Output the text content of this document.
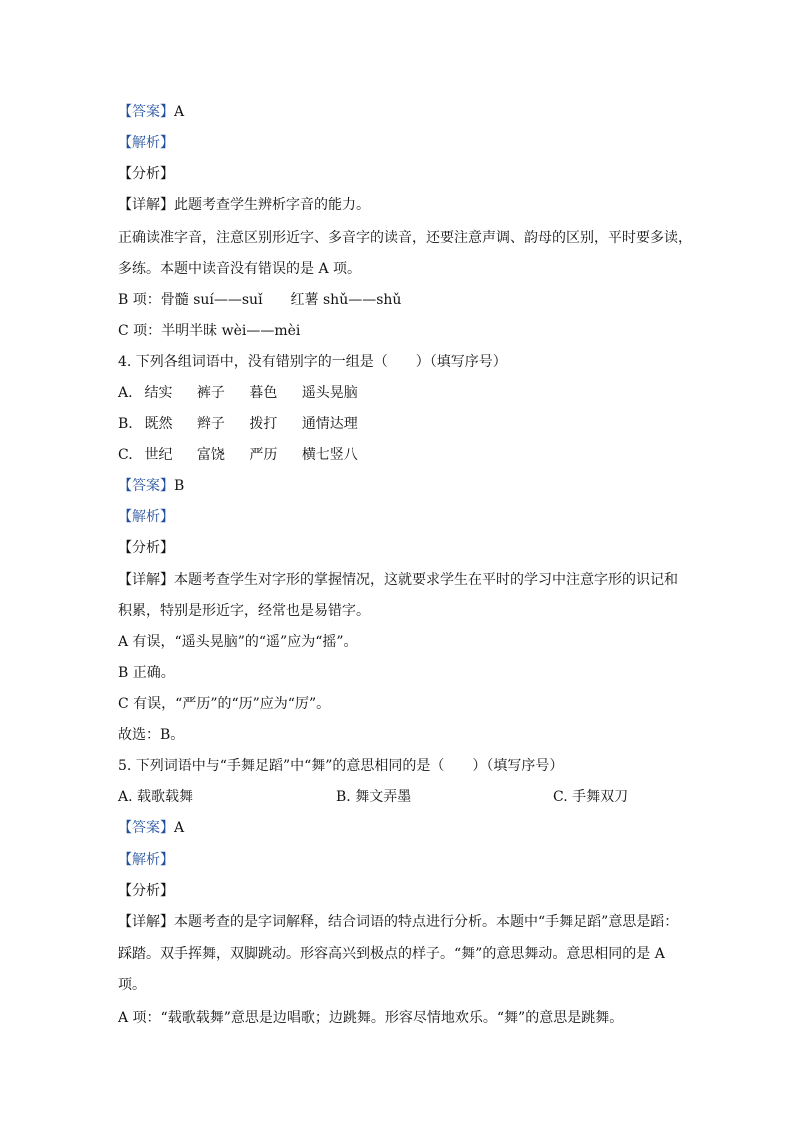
【答案】A
【解析】
【分析】
【详解】此题考查学生辨析字音的能力。
正确读准字音，注意区别形近字、多音字的读音，还要注意声调、韵母的区别，平时要多读，
多练。本题中读音没有错误的是 A 项。
B 项：骨髓 suí——suǐ　　红薯 shǔ——shǔ
C 项：半明半昧 wèi——mèi
4. 下列各组词语中，没有错别字的一组是（　　）（填写序号）
A. 结实 裤子 暮色 遥头晃脑
B. 既然 辫子 拨打 通情达理
C. 世纪 富饶 严历 横七竖八
【答案】B
【解析】
【分析】
【详解】本题考查学生对字形的掌握情况，这就要求学生在平时的学习中注意字形的识记和
积累，特别是形近字，经常也是易错字。
A 有误，“遥头晃脑”的“遥”应为“摇”。
B 正确。
C 有误，“严历”的“历”应为“厉”。
故选：B。
5. 下列词语中与“手舞足蹈”中“舞”的意思相同的是（　　）（填写序号）
A. 载歌载舞	B. 舞文弄墨	C. 手舞双刀
【答案】A
【解析】
【分析】
【详解】本题考查的是字词解释，结合词语的特点进行分析。本题中“手舞足蹈”意思是蹈：
踩踏。双手挥舞，双脚跳动。形容高兴到极点的样子。“舞”的意思舞动。意思相同的是 A
项。
A 项：“载歌载舞”意思是边唱歌；边跳舞。形容尽情地欢乐。“舞”的意思是跳舞。
